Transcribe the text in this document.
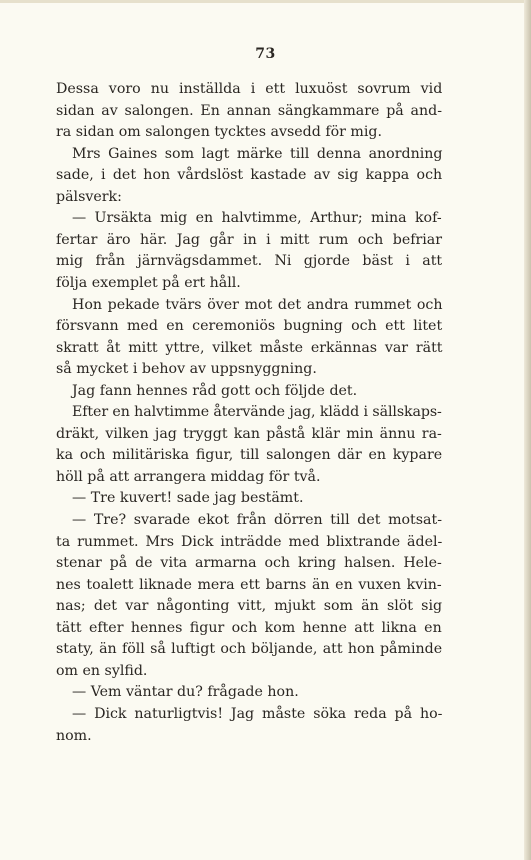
73
Dessa voro nu inställda i ett luxuöst sovrum vid
sidan av salongen. En annan sängkammare på and-
ra sidan om salongen tycktes avsedd för mig.
Mrs Gaines som lagt märke till denna anordning
sade, i det hon vårdslöst kastade av sig kappa och
pälsverk:
— Ursäkta mig en halvtimme, Arthur; mina kof-
fertar äro här. Jag går in i mitt rum och befriar
mig från järnvägsdammet. Ni gjorde bäst i att
följa exemplet på ert håll.
Hon pekade tvärs över mot det andra rummet och
försvann med en ceremoniös bugning och ett litet
skratt åt mitt yttre, vilket måste erkännas var rätt
så mycket i behov av uppsnyggning.
Jag fann hennes råd gott och följde det.
Efter en halvtimme återvände jag, klädd i sällskaps-
dräkt, vilken jag tryggt kan påstå klär min ännu ra-
ka och militäriska figur, till salongen där en kypare
höll på att arrangera middag för två.
— Tre kuvert! sade jag bestämt.
— Tre? svarade ekot från dörren till det motsat-
ta rummet. Mrs Dick inträdde med blixtrande ädel-
stenar på de vita armarna och kring halsen. Hele-
nes toalett liknade mera ett barns än en vuxen kvin-
nas; det var någonting vitt, mjukt som än slöt sig
tätt efter hennes figur och kom henne att likna en
staty, än föll så luftigt och böljande, att hon påminde
om en sylfid.
— Vem väntar du? frågade hon.
— Dick naturligtvis! Jag måste söka reda på ho-
nom.
